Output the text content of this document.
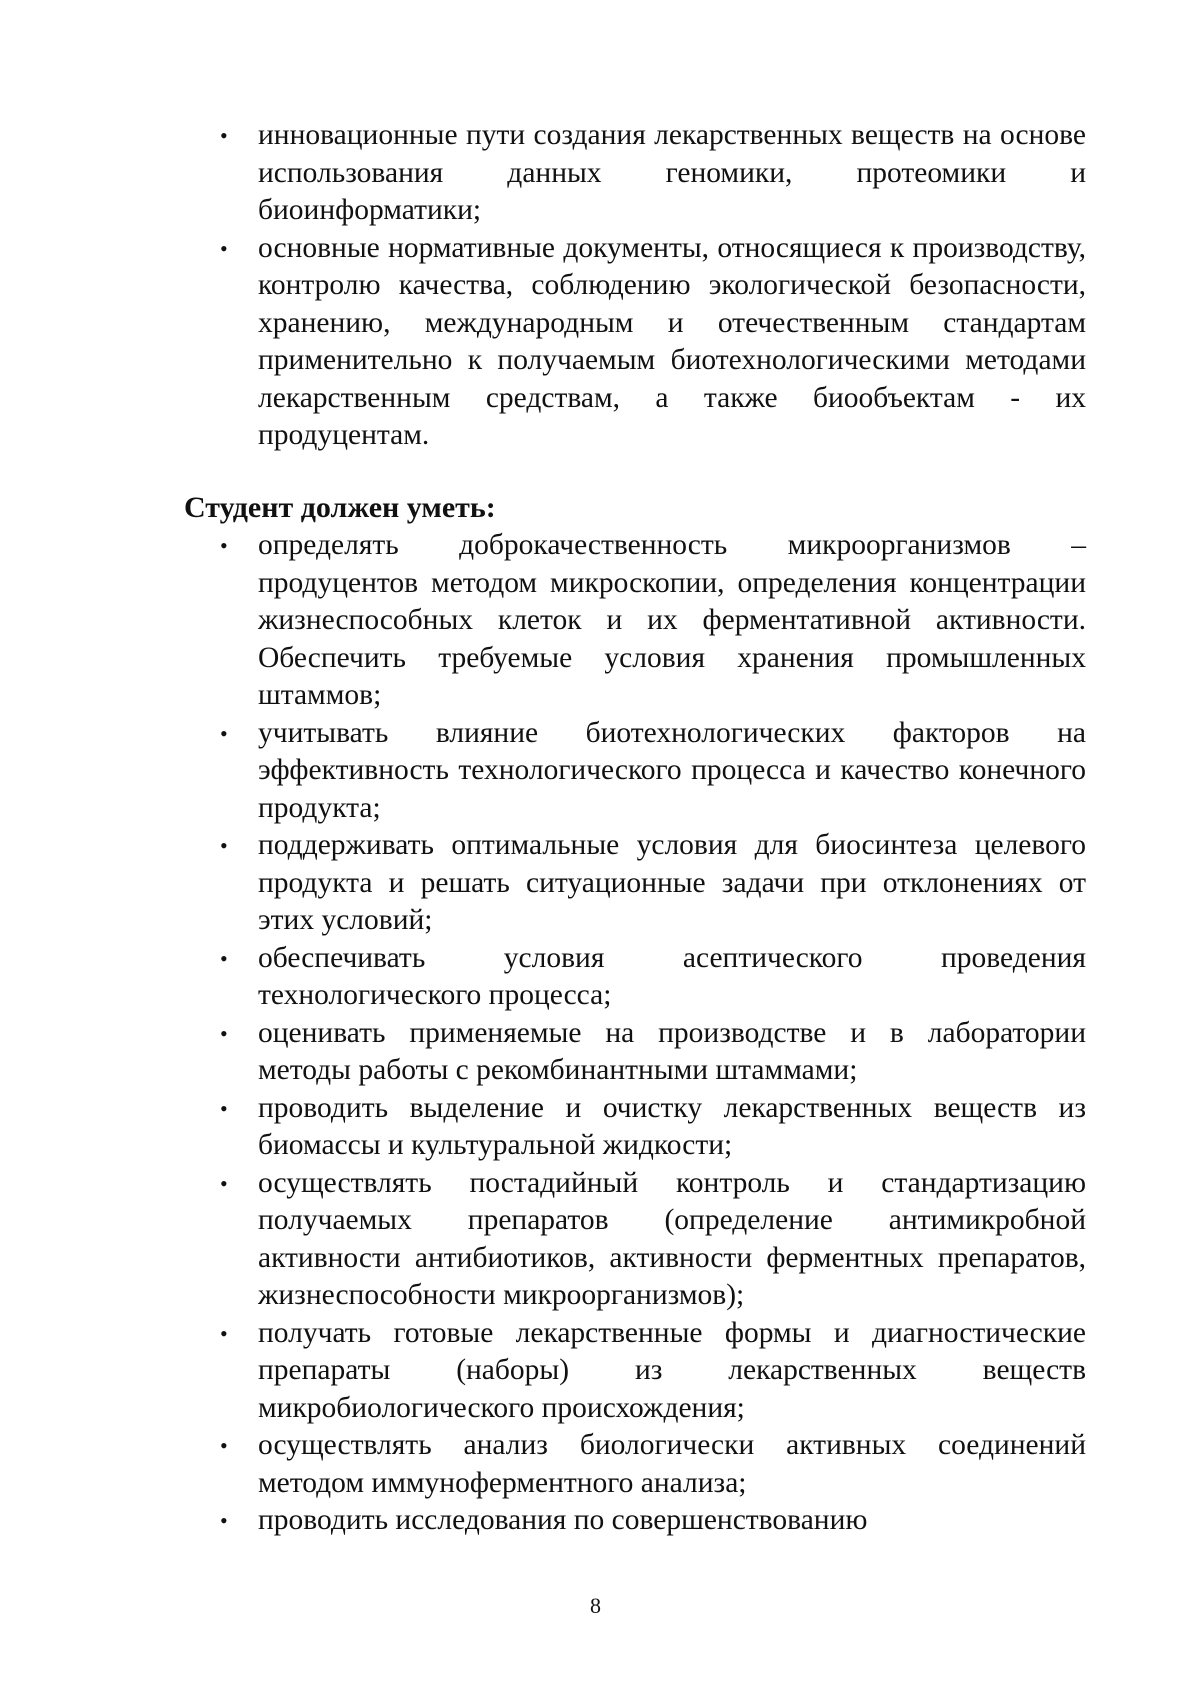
• инновационные пути создания лекарственных веществ на основе использования данных геномики, протеомики и биоинформатики;
• основные нормативные документы, относящиеся к производству, контролю качества, соблюдению экологической безопасности, хранению, международным и отечественным стандартам применительно к получаемым биотехнологическими методами лекарственным средствам, а также биообъектам - их продуцентам.
Студент должен уметь:
• определять доброкачественность микроорганизмов – продуцентов методом микроскопии, определения концентрации жизнеспособных клеток и их ферментативной активности. Обеспечить требуемые условия хранения промышленных штаммов;
• учитывать влияние биотехнологических факторов на эффективность технологического процесса и качество конечного продукта;
• поддерживать оптимальные условия для биосинтеза целевого продукта и решать ситуационные задачи при отклонениях от этих условий;
• обеспечивать условия асептического проведения технологического процесса;
• оценивать применяемые на производстве и в лаборатории методы работы с рекомбинантными штаммами;
• проводить выделение и очистку лекарственных веществ из биомассы и культуральной жидкости;
• осуществлять постадийный контроль и стандартизацию получаемых препаратов (определение антимикробной активности антибиотиков, активности ферментных препаратов, жизнеспособности микроорганизмов);
• получать готовые лекарственные формы и диагностические препараты (наборы) из лекарственных веществ микробиологического происхождения;
• осуществлять анализ биологически активных соединений методом иммуноферментного анализа;
• проводить исследования по совершенствованию
8
